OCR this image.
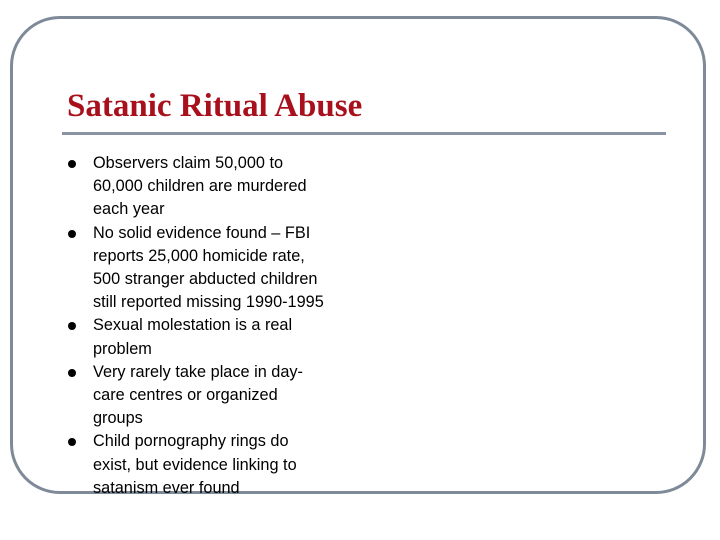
Satanic Ritual Abuse
Observers claim 50,000 to
60,000 children are murdered
each year
No solid evidence found – FBI
reports 25,000 homicide rate,
500 stranger abducted children
still reported missing 1990-1995
Sexual molestation is a real
problem
Very rarely take place in day-
care centres or organized
groups
Child pornography rings do
exist, but evidence linking to
satanism ever found
